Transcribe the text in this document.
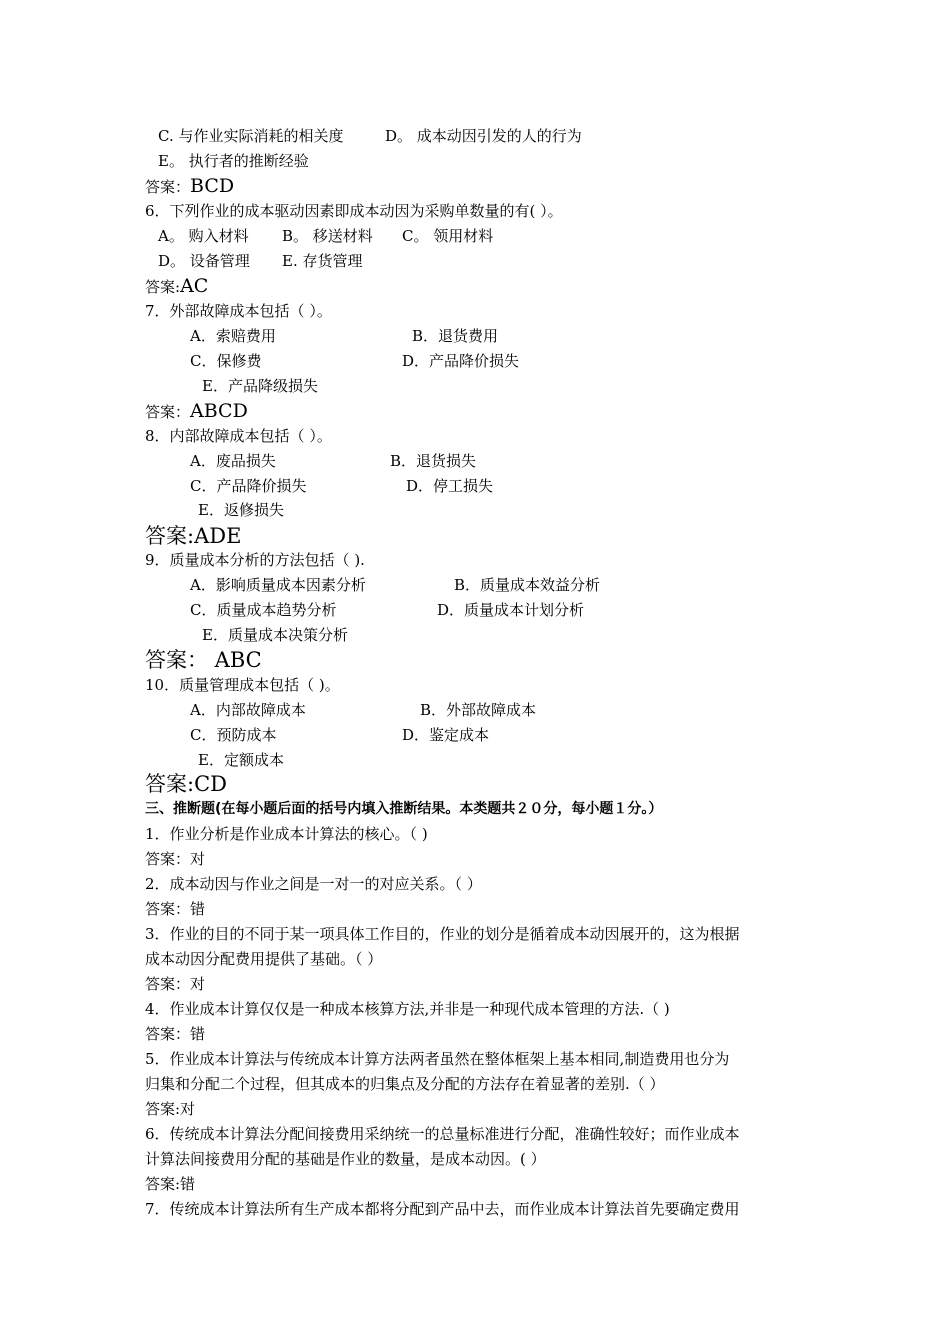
C. 与作业实际消耗的相关度	D。 成本动因引发的人的行为
E。 执行者的推断经验
答案：BCD
6．下列作业的成本驱动因素即成本动因为采购单数量的有( ）。
A。 购入材料 B。 移送材料 C。 领用材料
D。 设备管理 E. 存货管理
答案:AC
7．外部故障成本包括（ ）。
A．索赔费用	B．退货费用
C．保修费	D．产品降价损失
E．产品降级损失
答案：ABCD
8．内部故障成本包括（ ）。
A．废品损失	B．退货损失
C．产品降价损失	D．停工损失
E．返修损失
答案:ADE
9．质量成本分析的方法包括（ ).
A．影响质量成本因素分析	B．质量成本效益分析
C．质量成本趋势分析	D．质量成本计划分析
E．质量成本决策分析
答案： ABC
10．质量管理成本包括（ )。
A．内部故障成本	B．外部故障成本
C．预防成本	D．鉴定成本
E．定额成本
答案:CD
三、推断题(在每小题后面的括号内填入推断结果。本类题共２０分，每小题１分。）
1．作业分析是作业成本计算法的核心。（ )
答案：对
2．成本动因与作业之间是一对一的对应关系。（ ）
答案：错
3．作业的目的不同于某一项具体工作目的，作业的划分是循着成本动因展开的，这为根据
成本动因分配费用提供了基础。（ ）
答案：对
4．作业成本计算仅仅是一种成本核算方法,并非是一种现代成本管理的方法.（ )
答案：错
5．作业成本计算法与传统成本计算方法两者虽然在整体框架上基本相同,制造费用也分为
归集和分配二个过程，但其成本的归集点及分配的方法存在着显著的差别.（ ）
答案:对
6．传统成本计算法分配间接费用采纳统一的总量标准进行分配，准确性较好；而作业成本
计算法间接费用分配的基础是作业的数量，是成本动因。( ）
答案:错
7．传统成本计算法所有生产成本都将分配到产品中去，而作业成本计算法首先要确定费用
